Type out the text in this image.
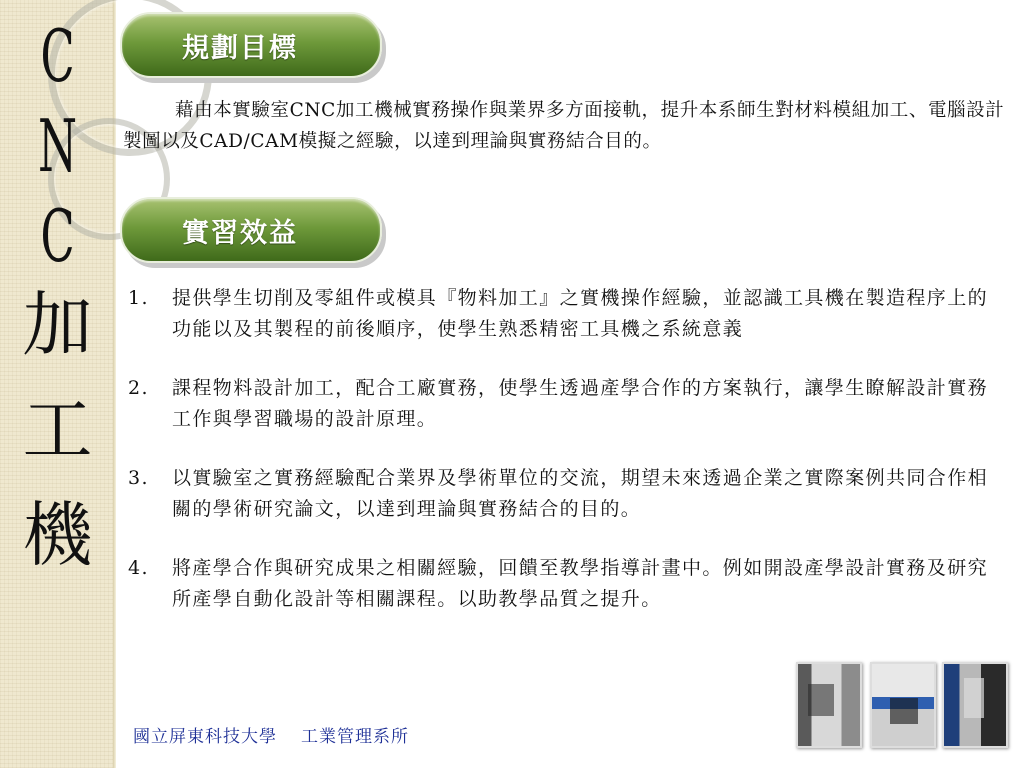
C
N
C
加
工
機
規劃目標

藉由本實驗室CNC加工機械實務操作與業界多方面接軌，提升本系師生對材料模組加工、電腦設計製圖以及CAD/CAM模擬之經驗，以達到理論與實務結合目的。

實習效益
1. 提供學生切削及零組件或模具『物料加工』之實機操作經驗，並認識工具機在製造程序上的功能以及其製程的前後順序，使學生熟悉精密工具機之系統意義
2. 課程物料設計加工，配合工廠實務，使學生透過產學合作的方案執行，讓學生瞭解設計實務工作與學習職場的設計原理。
3. 以實驗室之實務經驗配合業界及學術單位的交流，期望未來透過企業之實際案例共同合作相關的學術研究論文，以達到理論與實務結合的目的。
4. 將產學合作與研究成果之相關經驗，回饋至教學指導計畫中。例如開設產學設計實務及研究所產學自動化設計等相關課程。以助教學品質之提升。
國立屏東科技大學 工業管理系所
